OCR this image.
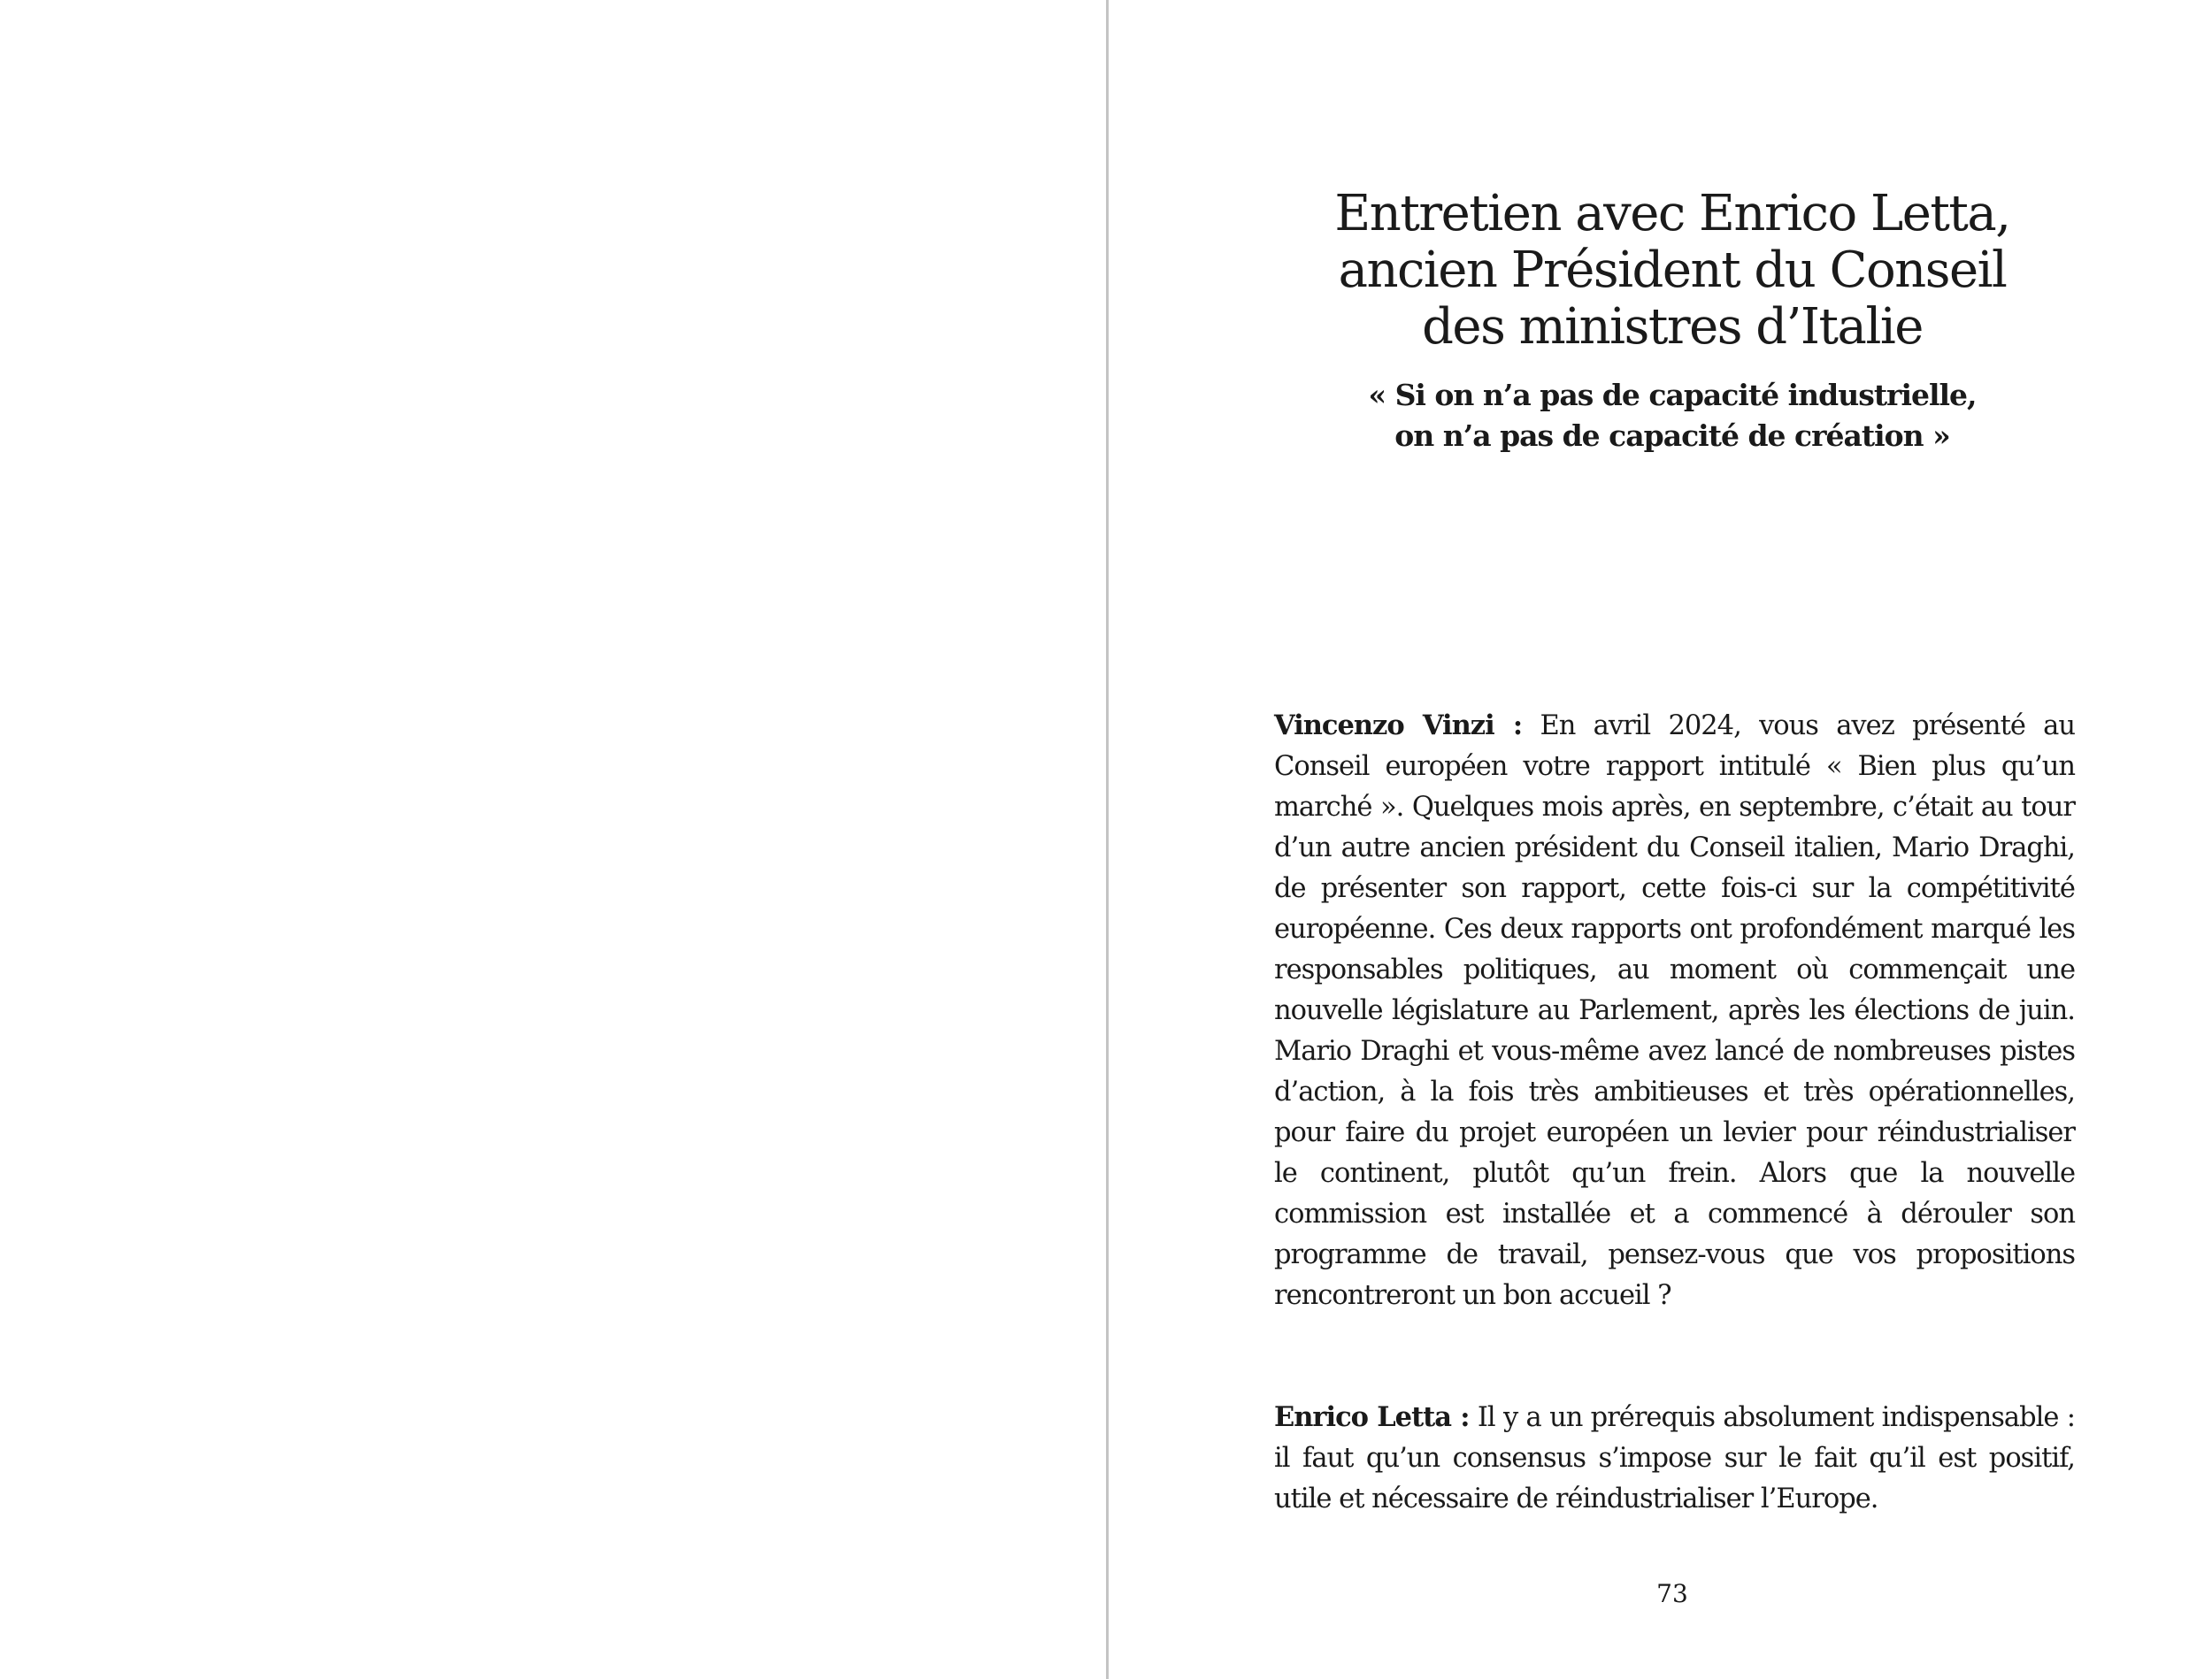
Entretien avec Enrico Letta,
ancien Président du Conseil
des ministres d’Italie
« Si on n’a pas de capacité industrielle,
on n’a pas de capacité de création »

Vincenzo Vinzi : En avril 2024, vous avez présenté au Conseil européen votre rapport intitulé « Bien plus qu’un marché ». Quelques mois après, en septembre, c’était au tour d’un autre ancien président du Conseil italien, Mario Draghi, de présenter son rapport, cette fois-ci sur la compétitivité européenne. Ces deux rapports ont profondément marqué les responsables politiques, au moment où commençait une nouvelle législature au Parlement, après les élections de juin. Mario Draghi et vous-même avez lancé de nombreuses pistes d’action, à la fois très ambitieuses et très opérationnelles, pour faire du projet européen un levier pour réindustrialiser le continent, plutôt qu’un frein. Alors que la nouvelle commission est installée et a commencé à dérouler son programme de travail, pensez-vous que vos propositions rencontreront un bon accueil ?

Enrico Letta : Il y a un prérequis absolument indispensable : il faut qu’un consensus s’impose sur le fait qu’il est positif, utile et nécessaire de réindustrialiser l’Europe.

73
